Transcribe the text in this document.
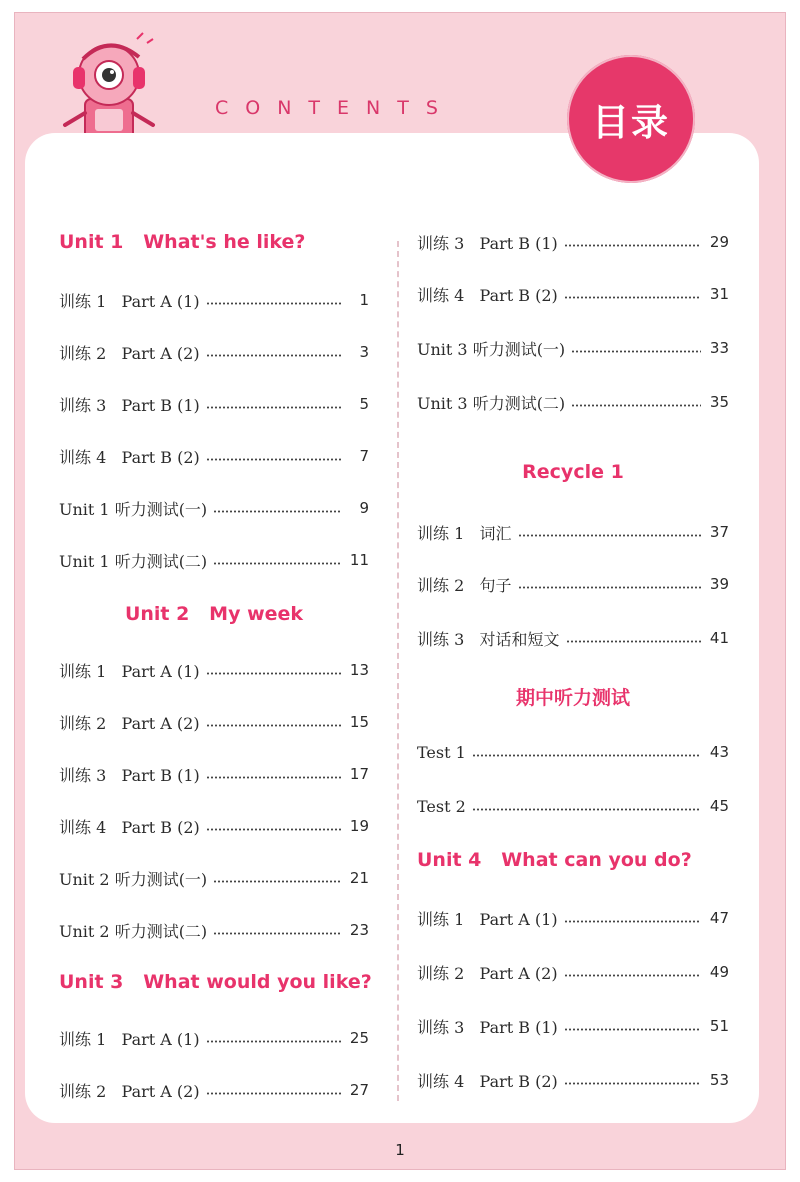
CONTENTS
Unit 1   What's he like?
训练 1   Part A (1)	1
训练 2   Part A (2)	3
训练 3   Part B (1)	5
训练 4   Part B (2)	7
Unit 1 听力测试(一)	9
Unit 1 听力测试(二)	11
Unit 2   My week
训练 1   Part A (1)	13
训练 2   Part A (2)	15
训练 3   Part B (1)	17
训练 4   Part B (2)	19
Unit 2 听力测试(一)	21
Unit 2 听力测试(二)	23
Unit 3   What would you like?
训练 1   Part A (1)	25
训练 2   Part A (2)	27
训练 3   Part B (1)	29
训练 4   Part B (2)	31
Unit 3 听力测试(一)	33
Unit 3 听力测试(二)	35
Recycle 1
训练 1   词汇	37
训练 2   句子	39
训练 3   对话和短文	41
期中听力测试
Test 1	43
Test 2	45
Unit 4   What can you do?
训练 1   Part A (1)	47
训练 2   Part A (2)	49
训练 3   Part B (1)	51
训练 4   Part B (2)	53
目录
1
